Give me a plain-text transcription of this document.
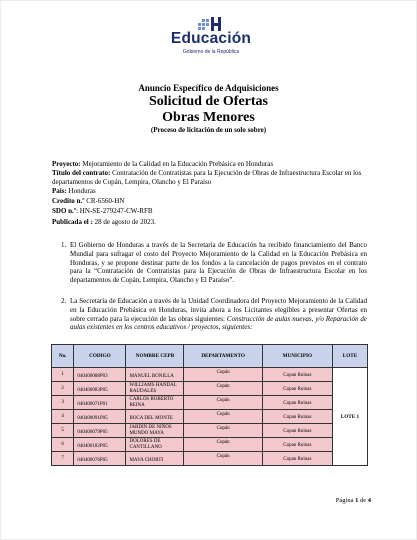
Educación
Gobierno de la República
Anuncio Específico de Adquisiciones
Solicitud de Ofertas
Obras Menores
(Proceso de licitación de un solo sobre)
Proyecto: Mejoramiento de la Calidad en la Educación Prebásica en Honduras
Título del contrato: Contratación de Contratistas para la Ejecución de Obras de Infraestructura Escolar en los departamentos de Copán, Lempira, Olancho y El Paraíso
País: Honduras
Credito n.º CR-6560-HN
SDO n.º: HN-SE-279247-CW-RFB
Publicada el : 28 de agosto de 2023.
1. El Gobierno de Honduras a través de la Secretaría de Educación ha recibido financiamiento del Banco Mundial para sufragar el costo del Proyecto Mejoramiento de la Calidad en la Educación Prebásica en Honduras, y se propone destinar parte de los fondos a la cancelación de pagos previstos en el contrato para la “Contratación de Contratistas para la Ejecución de Obras de Infraestructura Escolar en los departamentos de Copán, Lempira, Olancho y El Paraíso”.
2. La Secretaría de Educación a través de la Unidad Coordinadora del Proyecto Mejoramiento de la Calidad en la Educación Prebásica en Honduras, invita ahora a los Licitantes elegibles a presentar Ofertas en sobre cerrado para la ejecución de las obras siguientes: Construcción de aulas nuevas, y/o Reparación de aulas existentes en los centros educativos / proyectos, siguientes:
No.	CODIGO	NOMBRE CEPB	DEPARTAMENTO	MUNICIPIO	LOTE
1	040400088P03	MANUEL BONILLA	Copán	Copan Ruinas	LOTE 1
2	040400083P05	WILLIAMS HANDAL RAUDALES	Copán	Copan Ruinas	

3	040400071P01	CARLOS ROBERTO REINA	Copán	Copan Ruinas	

4	040400091P05	BOCA DEL MONTE	Copán	Copan Ruinas	

5	040400079P05	JARDIN DE NIÑOS MUNDO MAYA	Copán	Copan Ruinas	

6	040400182P05	DOLORES DE CANTILLANO	Copán	Copan Ruinas	

7	040400076P05	MAYA CHORTI	Copán	Copan Ruinas	
Página 1 de 4
